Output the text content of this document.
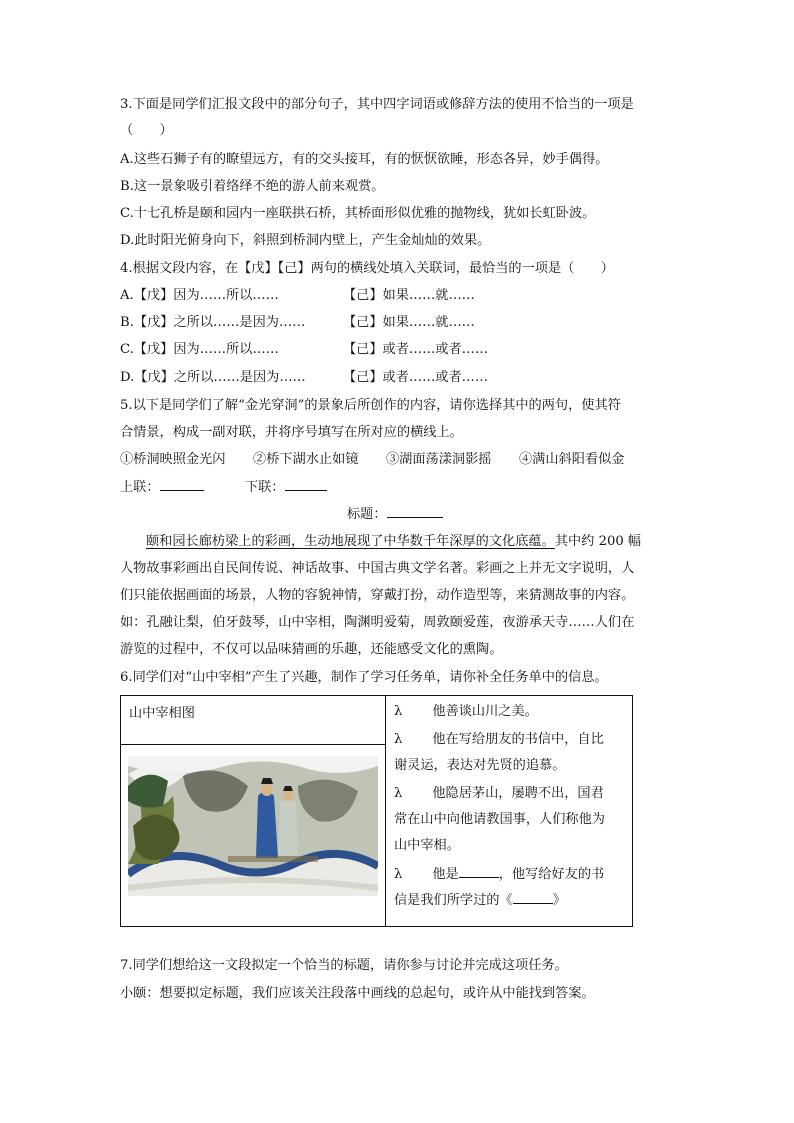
3.下面是同学们汇报文段中的部分句子，其中四字词语或修辞方法的使用不恰当的一项是
（　　）
A.这些石狮子有的瞭望远方，有的交头接耳，有的恹恹欲睡，形态各异，妙手偶得。
B.这一景象吸引着络绎不绝的游人前来观赏。
C.十七孔桥是颐和园内一座联拱石桥，其桥面形似优雅的抛物线，犹如长虹卧波。
D.此时阳光俯身向下，斜照到桥洞内壁上，产生金灿灿的效果。
4.根据文段内容，在【戊】【己】两句的横线处填入关联词，最恰当的一项是（　　）
A.【戊】因为……所以……	【己】如果……就……
B.【戊】之所以……是因为……	【己】如果……就……
C.【戊】因为……所以……	【己】或者……或者……
D.【戊】之所以……是因为……	【己】或者……或者……
5.以下是同学们了解“金光穿洞”的景象后所创作的内容，请你选择其中的两句，使其符
合情景，构成一副对联，并将序号填写在所对应的横线上。
①桥洞映照金光闪 ②桥下湖水止如镜 ③湖面荡漾洞影摇 ④满山斜阳看似金
上联：	下联：
标题：
颐和园长廊枋梁上的彩画，生动地展现了中华数千年深厚的文化底蕴。其中约 200 幅
人物故事彩画出自民间传说、神话故事、中国古典文学名著。彩画之上并无文字说明，人
们只能依据画面的场景，人物的容貌神情，穿戴打扮，动作造型等，来猜测故事的内容。
如：孔融让梨，伯牙鼓琴，山中宰相，陶渊明爱菊，周敦颐爱莲，夜游承天寺……人们在
游览的过程中，不仅可以品味猜画的乐趣，还能感受文化的熏陶。
6.同学们对“山中宰相”产生了兴趣，制作了学习任务单，请你补全任务单中的信息。
山中宰相图
		λ 他善谈山川之美。
λ 他在写给朋友的书信中，自比
谢灵运，表达对先贤的追慕。
λ 他隐居茅山，屡聘不出，国君
常在山中向他请教国事，人们称他为
山中宰相。
λ 他是	，他写给好友的书
信是我们所学过的《	》
7.同学们想给这一文段拟定一个恰当的标题，请你参与讨论并完成这项任务。
小颐：想要拟定标题，我们应该关注段落中画线的总起句，或许从中能找到答案。
